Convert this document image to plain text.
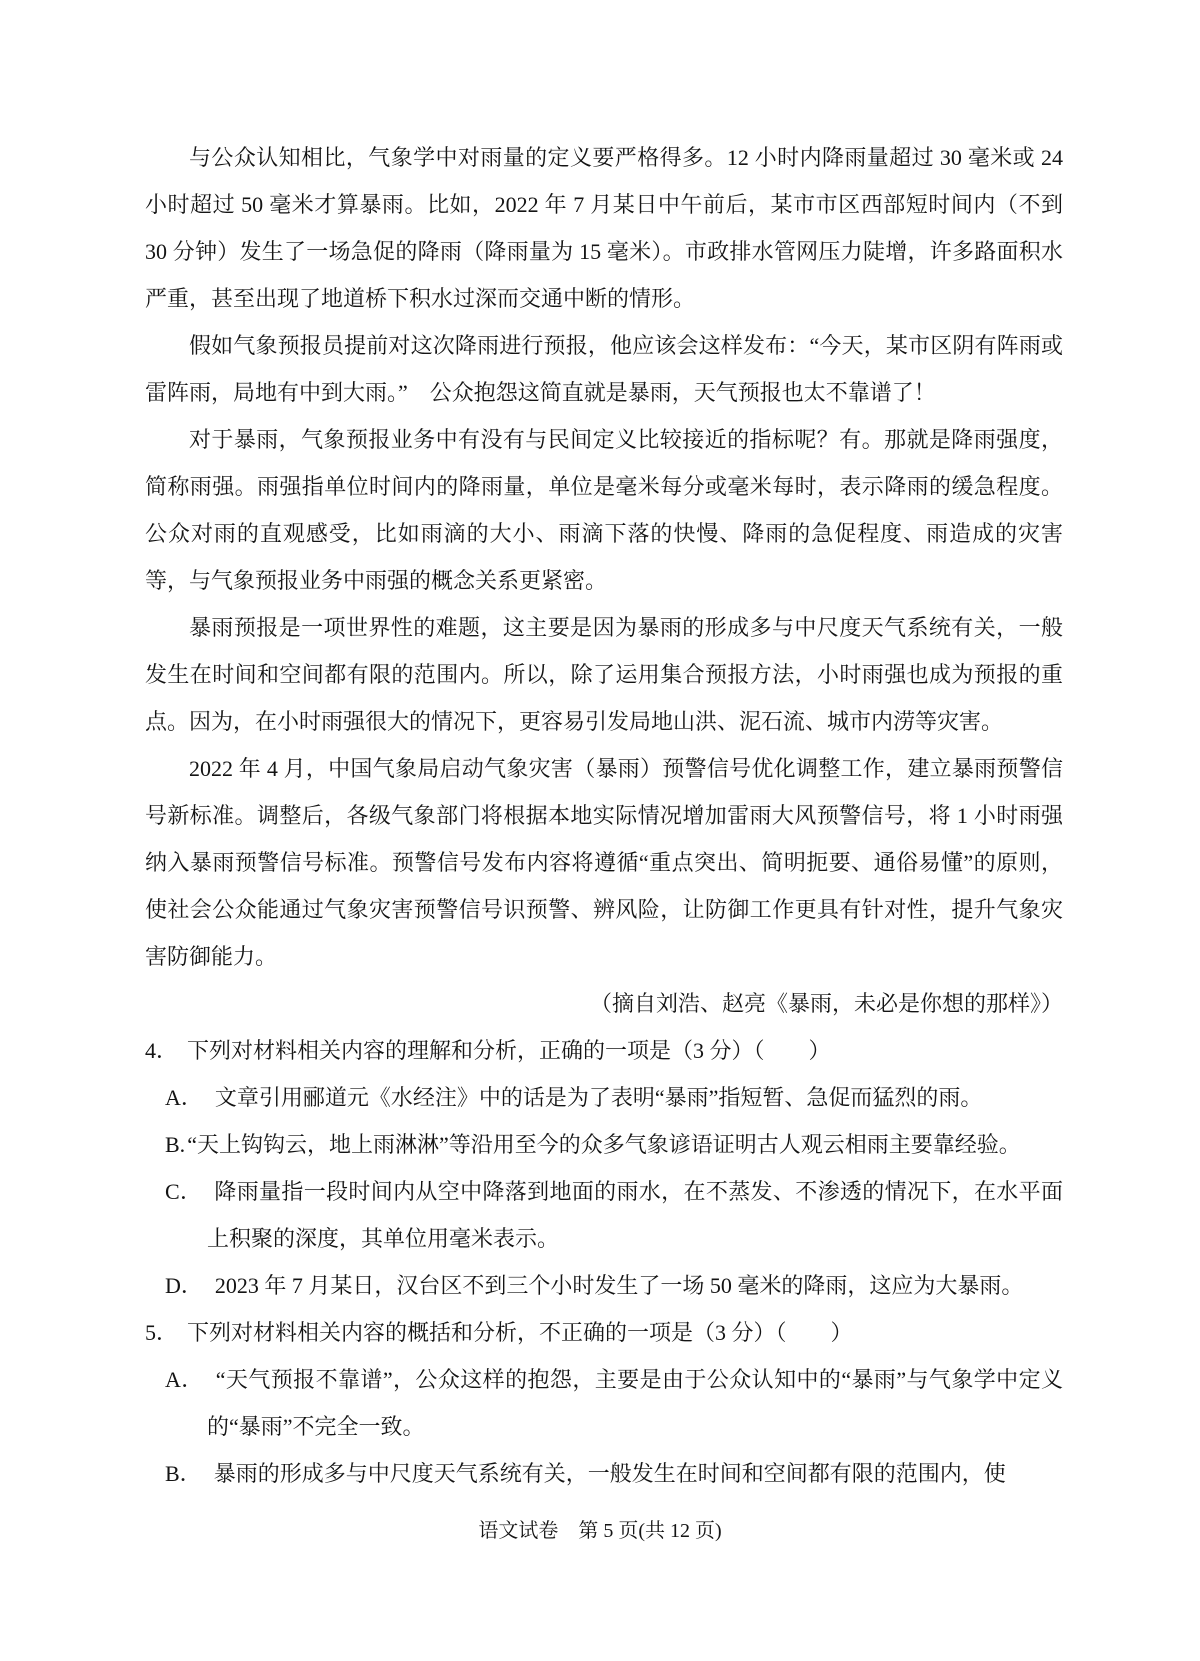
与公众认知相比，气象学中对雨量的定义要严格得多。12 小时内降雨量超过 30 毫米或 24 小时超过 50 毫米才算暴雨。比如，2022 年 7 月某日中午前后，某市市区西部短时间内（不到 30 分钟）发生了一场急促的降雨（降雨量为 15 毫米）。市政排水管网压力陡增，许多路面积水严重，甚至出现了地道桥下积水过深而交通中断的情形。

假如气象预报员提前对这次降雨进行预报，他应该会这样发布：“今天，某市区阴有阵雨或雷阵雨，局地有中到大雨。”　公众抱怨这简直就是暴雨，天气预报也太不靠谱了！

对于暴雨，气象预报业务中有没有与民间定义比较接近的指标呢？有。那就是降雨强度，简称雨强。雨强指单位时间内的降雨量，单位是毫米每分或毫米每时，表示降雨的缓急程度。公众对雨的直观感受，比如雨滴的大小、雨滴下落的快慢、降雨的急促程度、雨造成的灾害等，与气象预报业务中雨强的概念关系更紧密。

暴雨预报是一项世界性的难题，这主要是因为暴雨的形成多与中尺度天气系统有关，一般发生在时间和空间都有限的范围内。所以，除了运用集合预报方法，小时雨强也成为预报的重点。因为，在小时雨强很大的情况下，更容易引发局地山洪、泥石流、城市内涝等灾害。

2022 年 4 月，中国气象局启动气象灾害（暴雨）预警信号优化调整工作，建立暴雨预警信号新标准。调整后，各级气象部门将根据本地实际情况增加雷雨大风预警信号，将 1 小时雨强纳入暴雨预警信号标准。预警信号发布内容将遵循“重点突出、简明扼要、通俗易懂”的原则，使社会公众能通过气象灾害预警信号识预警、辨风险，让防御工作更具有针对性，提升气象灾害防御能力。

（摘自刘浩、赵亮《暴雨，未必是你想的那样》）

4． 下列对材料相关内容的理解和分析，正确的一项是（3 分）（　　）
A． 文章引用郦道元《水经注》中的话是为了表明“暴雨”指短暂、急促而猛烈的雨。
B.“天上钩钩云，地上雨淋淋”等沿用至今的众多气象谚语证明古人观云相雨主要靠经验。
C． 降雨量指一段时间内从空中降落到地面的雨水，在不蒸发、不渗透的情况下，在水平面上积聚的深度，其单位用毫米表示。
D． 2023 年 7 月某日，汉台区不到三个小时发生了一场 50 毫米的降雨，这应为大暴雨。
5． 下列对材料相关内容的概括和分析，不正确的一项是（3 分）（　　）
A． “天气预报不靠谱”，公众这样的抱怨，主要是由于公众认知中的“暴雨”与气象学中定义的“暴雨”不完全一致。
B． 暴雨的形成多与中尺度天气系统有关，一般发生在时间和空间都有限的范围内，使
语文试卷　第 5 页(共 12 页)
